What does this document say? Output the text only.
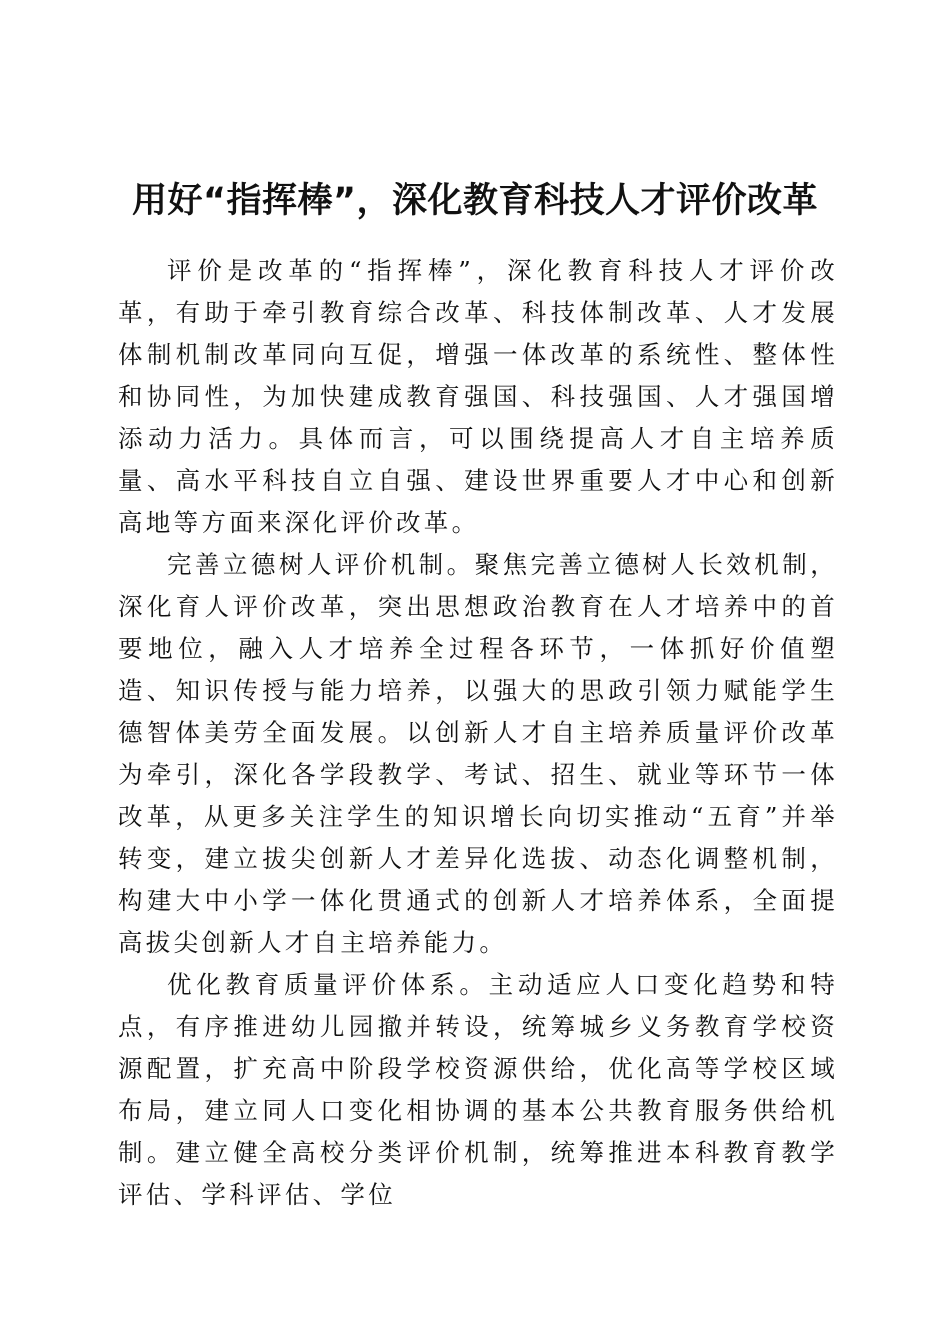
用好“指挥棒”，深化教育科技人才评价改革

评价是改革的“指挥棒”，深化教育科技人才评价改革，有助于牵引教育综合改革、科技体制改革、人才发展体制机制改革同向互促，增强一体改革的系统性、整体性和协同性，为加快建成教育强国、科技强国、人才强国增添动力活力。具体而言，可以围绕提高人才自主培养质量、高水平科技自立自强、建设世界重要人才中心和创新高地等方面来深化评价改革。

完善立德树人评价机制。聚焦完善立德树人长效机制，深化育人评价改革，突出思想政治教育在人才培养中的首要地位，融入人才培养全过程各环节，一体抓好价值塑造、知识传授与能力培养，以强大的思政引领力赋能学生德智体美劳全面发展。以创新人才自主培养质量评价改革为牵引，深化各学段教学、考试、招生、就业等环节一体改革，从更多关注学生的知识增长向切实推动“五育”并举转变，建立拔尖创新人才差异化选拔、动态化调整机制，构建大中小学一体化贯通式的创新人才培养体系，全面提高拔尖创新人才自主培养能力。

优化教育质量评价体系。主动适应人口变化趋势和特点，有序推进幼儿园撤并转设，统筹城乡义务教育学校资源配置，扩充高中阶段学校资源供给，优化高等学校区域布局，建立同人口变化相协调的基本公共教育服务供给机制。建立健全高校分类评价机制，统筹推进本科教育教学评估、学科评估、学位
